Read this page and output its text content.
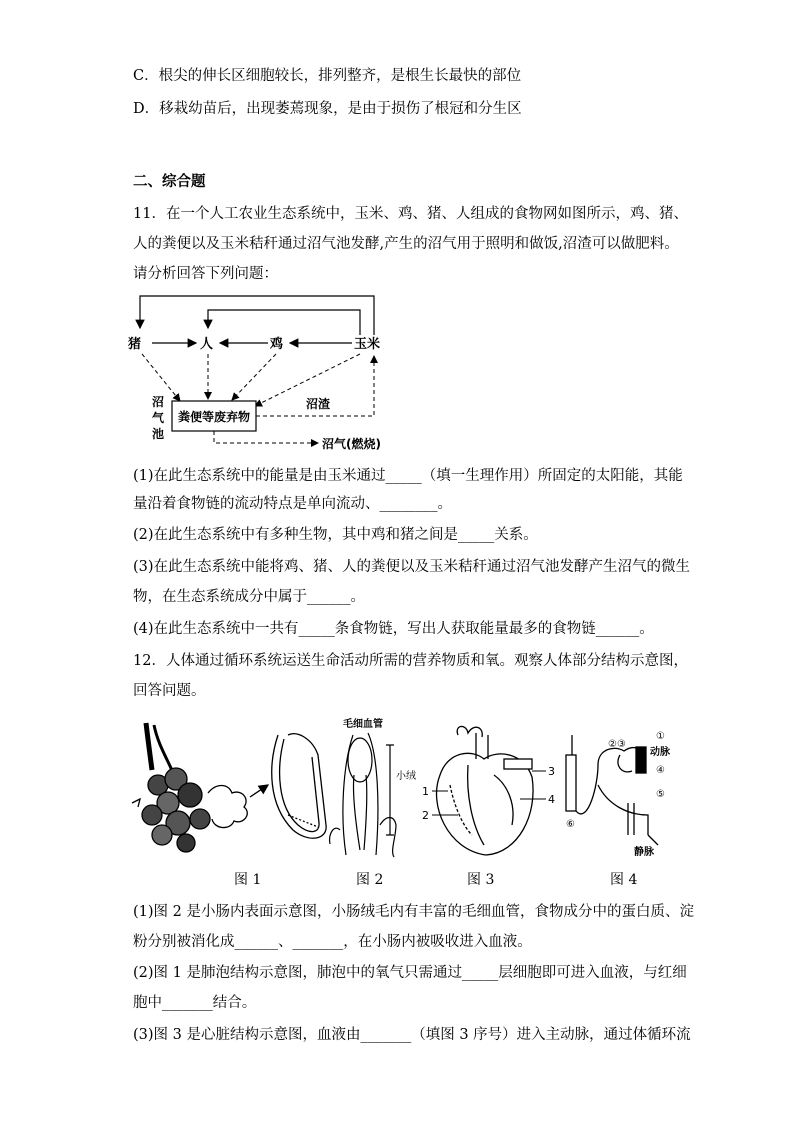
C．根尖的伸长区细胞较长，排列整齐，是根生长最快的部位
D．移栽幼苗后，出现萎蔫现象，是由于损伤了根冠和分生区
二、综合题
11．在一个人工农业生态系统中，玉米、鸡、猪、人组成的食物网如图所示，鸡、猪、
人的粪便以及玉米秸秆通过沼气池发酵,产生的沼气用于照明和做饭,沼渣可以做肥料。
请分析回答下列问题：
猪	人	鸡	玉米
沼渣
粪便等废弃物
沼
气
池
沼气(燃烧)
(1)在此生态系统中的能量是由玉米通过_____（填一生理作用）所固定的太阳能，其能
量沿着食物链的流动特点是单向流动、________。
(2)在此生态系统中有多种生物，其中鸡和猪之间是_____关系。
(3)在此生态系统中能将鸡、猪、人的粪便以及玉米秸秆通过沼气池发酵产生沼气的微生
物，在生态系统成分中属于______。
(4)在此生态系统中一共有_____条食物链，写出人获取能量最多的食物链______。
12．人体通过循环系统运送生命活动所需的营养物质和氧。观察人体部分结构示意图，
回答问题。
毛细血管
小绒	3
4
1
2
②③
①
动脉
④
⑤
⑥
静脉
图 1	图 2	图 3	图 4
(1)图 2 是小肠内表面示意图，小肠绒毛内有丰富的毛细血管，食物成分中的蛋白质、淀
粉分别被消化成______、_______，在小肠内被吸收进入血液。
(2)图 1 是肺泡结构示意图，肺泡中的氧气只需通过_____层细胞即可进入血液，与红细
胞中_______结合。
(3)图 3 是心脏结构示意图，血液由_______（填图 3 序号）进入主动脉，通过体循环流
